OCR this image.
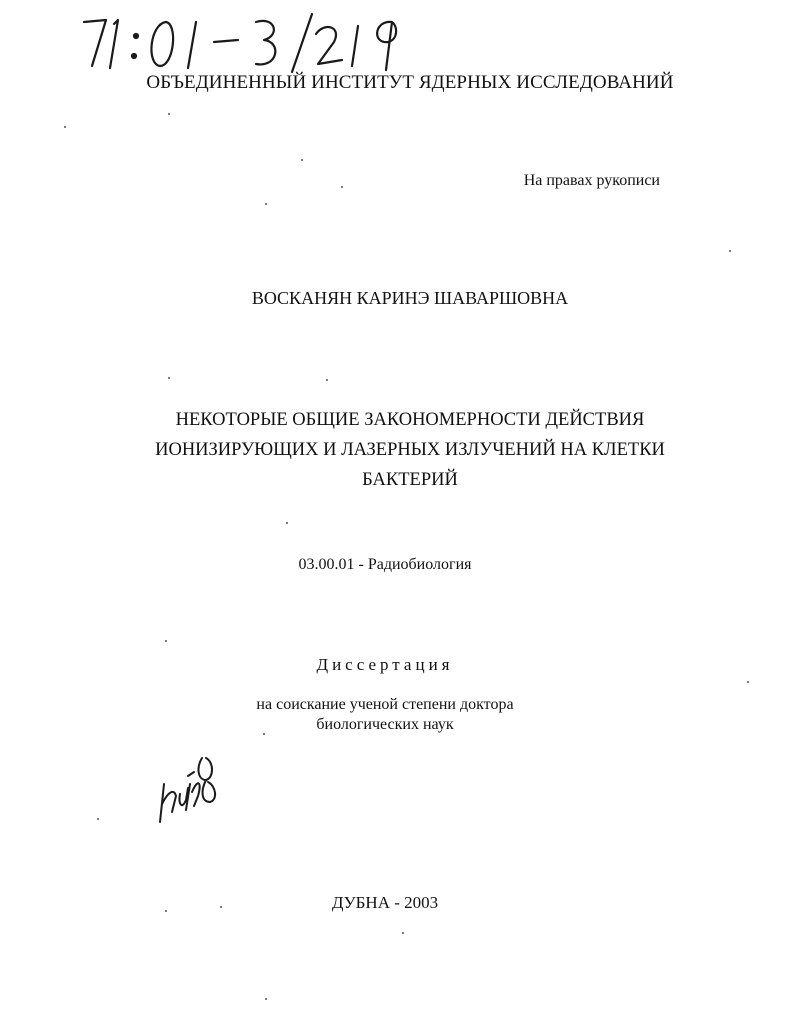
ОБЪЕДИНЕННЫЙ ИНСТИТУТ ЯДЕРНЫХ ИССЛЕДОВАНИЙ
На правах рукописи
ВОСКАНЯН КАРИНЭ ШАВАРШОВНА
НЕКОТОРЫЕ ОБЩИЕ ЗАКОНОМЕРНОСТИ ДЕЙСТВИЯ
ИОНИЗИРУЮЩИХ И ЛАЗЕРНЫХ ИЗЛУЧЕНИЙ НА КЛЕТКИ
БАКТЕРИЙ
03.00.01 - Радиобиология
Диссертация
на соискание ученой степени доктора
биологических наук
ДУБНА - 2003
